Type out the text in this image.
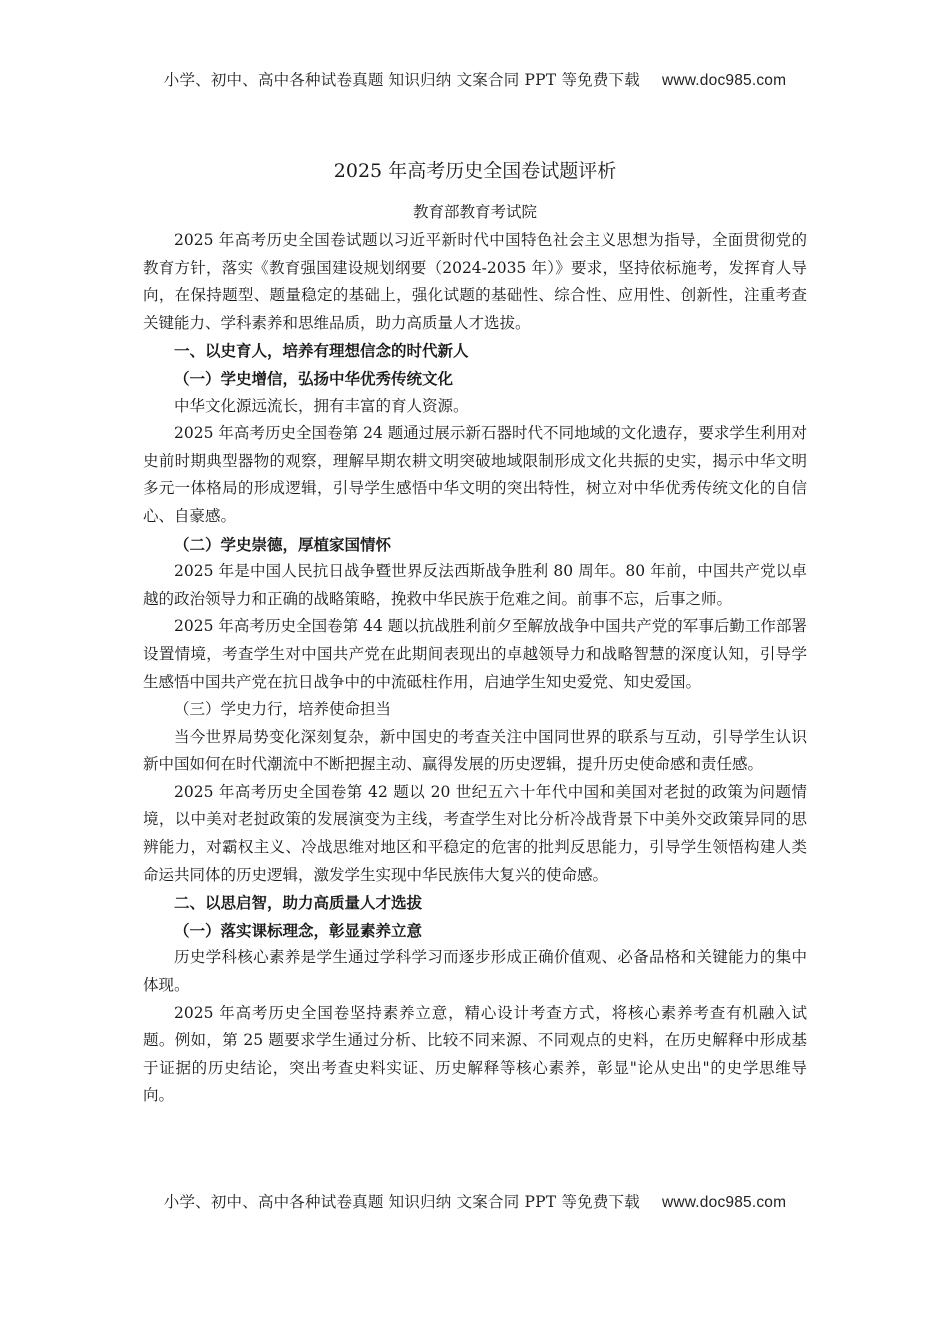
小学、初中、高中各种试卷真题 知识归纳 文案合同 PPT 等免费下载 www.doc985.com
2025 年高考历史全国卷试题评析
教育部教育考试院

2025 年高考历史全国卷试题以习近平新时代中国特色社会主义思想为指导，全面贯彻党的教育方针，落实《教育强国建设规划纲要（2024-2035 年）》要求，坚持依标施考，发挥育人导向，在保持题型、题量稳定的基础上，强化试题的基础性、综合性、应用性、创新性，注重考查关键能力、学科素养和思维品质，助力高质量人才选拔。

一、以史育人，培养有理想信念的时代新人

（一）学史增信，弘扬中华优秀传统文化

中华文化源远流长，拥有丰富的育人资源。

2025 年高考历史全国卷第 24 题通过展示新石器时代不同地域的文化遗存，要求学生利用对史前时期典型器物的观察，理解早期农耕文明突破地域限制形成文化共振的史实，揭示中华文明多元一体格局的形成逻辑，引导学生感悟中华文明的突出特性，树立对中华优秀传统文化的自信心、自豪感。

（二）学史崇德，厚植家国情怀

2025 年是中国人民抗日战争暨世界反法西斯战争胜利 80 周年。80 年前，中国共产党以卓越的政治领导力和正确的战略策略，挽救中华民族于危难之间。前事不忘，后事之师。

2025 年高考历史全国卷第 44 题以抗战胜利前夕至解放战争中国共产党的军事后勤工作部署设置情境，考查学生对中国共产党在此期间表现出的卓越领导力和战略智慧的深度认知，引导学生感悟中国共产党在抗日战争中的中流砥柱作用，启迪学生知史爱党、知史爱国。

（三）学史力行，培养使命担当

当今世界局势变化深刻复杂，新中国史的考查关注中国同世界的联系与互动，引导学生认识新中国如何在时代潮流中不断把握主动、赢得发展的历史逻辑，提升历史使命感和责任感。

2025 年高考历史全国卷第 42 题以 20 世纪五六十年代中国和美国对老挝的政策为问题情境，以中美对老挝政策的发展演变为主线，考查学生对比分析冷战背景下中美外交政策异同的思辨能力，对霸权主义、冷战思维对地区和平稳定的危害的批判反思能力，引导学生领悟构建人类命运共同体的历史逻辑，激发学生实现中华民族伟大复兴的使命感。

二、以思启智，助力高质量人才选拔

（一）落实课标理念，彰显素养立意

历史学科核心素养是学生通过学科学习而逐步形成正确价值观、必备品格和关键能力的集中体现。

2025 年高考历史全国卷坚持素养立意，精心设计考查方式，将核心素养考查有机融入试题。例如，第 25 题要求学生通过分析、比较不同来源、不同观点的史料，在历史解释中形成基于证据的历史结论，突出考查史料实证、历史解释等核心素养，彰显"论从史出"的史学思维导向。

小学、初中、高中各种试卷真题 知识归纳 文案合同 PPT 等免费下载 www.doc985.com
